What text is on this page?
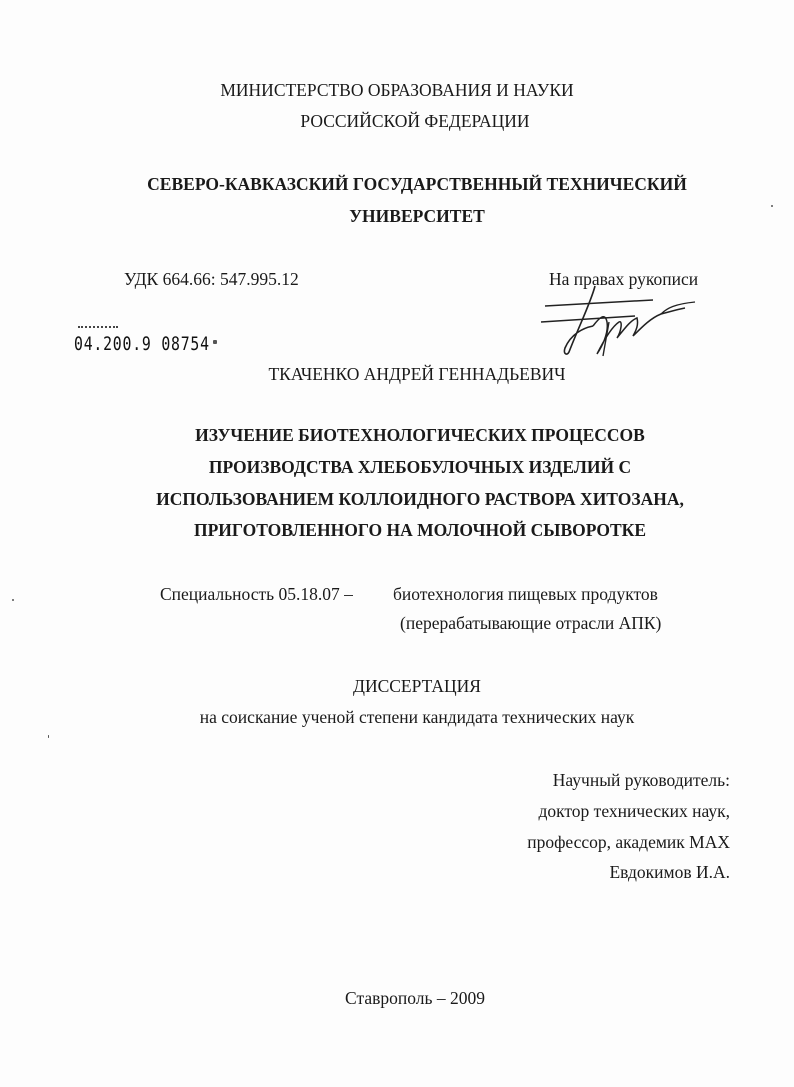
МИНИСТЕРСТВО ОБРАЗОВАНИЯ И НАУКИ
РОССИЙСКОЙ ФЕДЕРАЦИИ
СЕВЕРО-КАВКАЗСКИЙ ГОСУДАРСТВЕННЫЙ ТЕХНИЧЕСКИЙ
УНИВЕРСИТЕТ
УДК 664.66: 547.995.12	На правах рукописи
04.200.9 08754
ТКАЧЕНКО АНДРЕЙ ГЕННАДЬЕВИЧ
ИЗУЧЕНИЕ БИОТЕХНОЛОГИЧЕСКИХ ПРОЦЕССОВ
ПРОИЗВОДСТВА ХЛЕБОБУЛОЧНЫХ ИЗДЕЛИЙ С
ИСПОЛЬЗОВАНИЕМ КОЛЛОИДНОГО РАСТВОРА ХИТОЗАНА,
ПРИГОТОВЛЕННОГО НА МОЛОЧНОЙ СЫВОРОТКЕ
Специальность 05.18.07 – биотехнология пищевых продуктов
(перерабатывающие отрасли АПК)
ДИССЕРТАЦИЯ
на соискание ученой степени кандидата технических наук
Научный руководитель:
доктор технических наук,
профессор, академик МАХ
Евдокимов И.А.
Ставрополь – 2009
